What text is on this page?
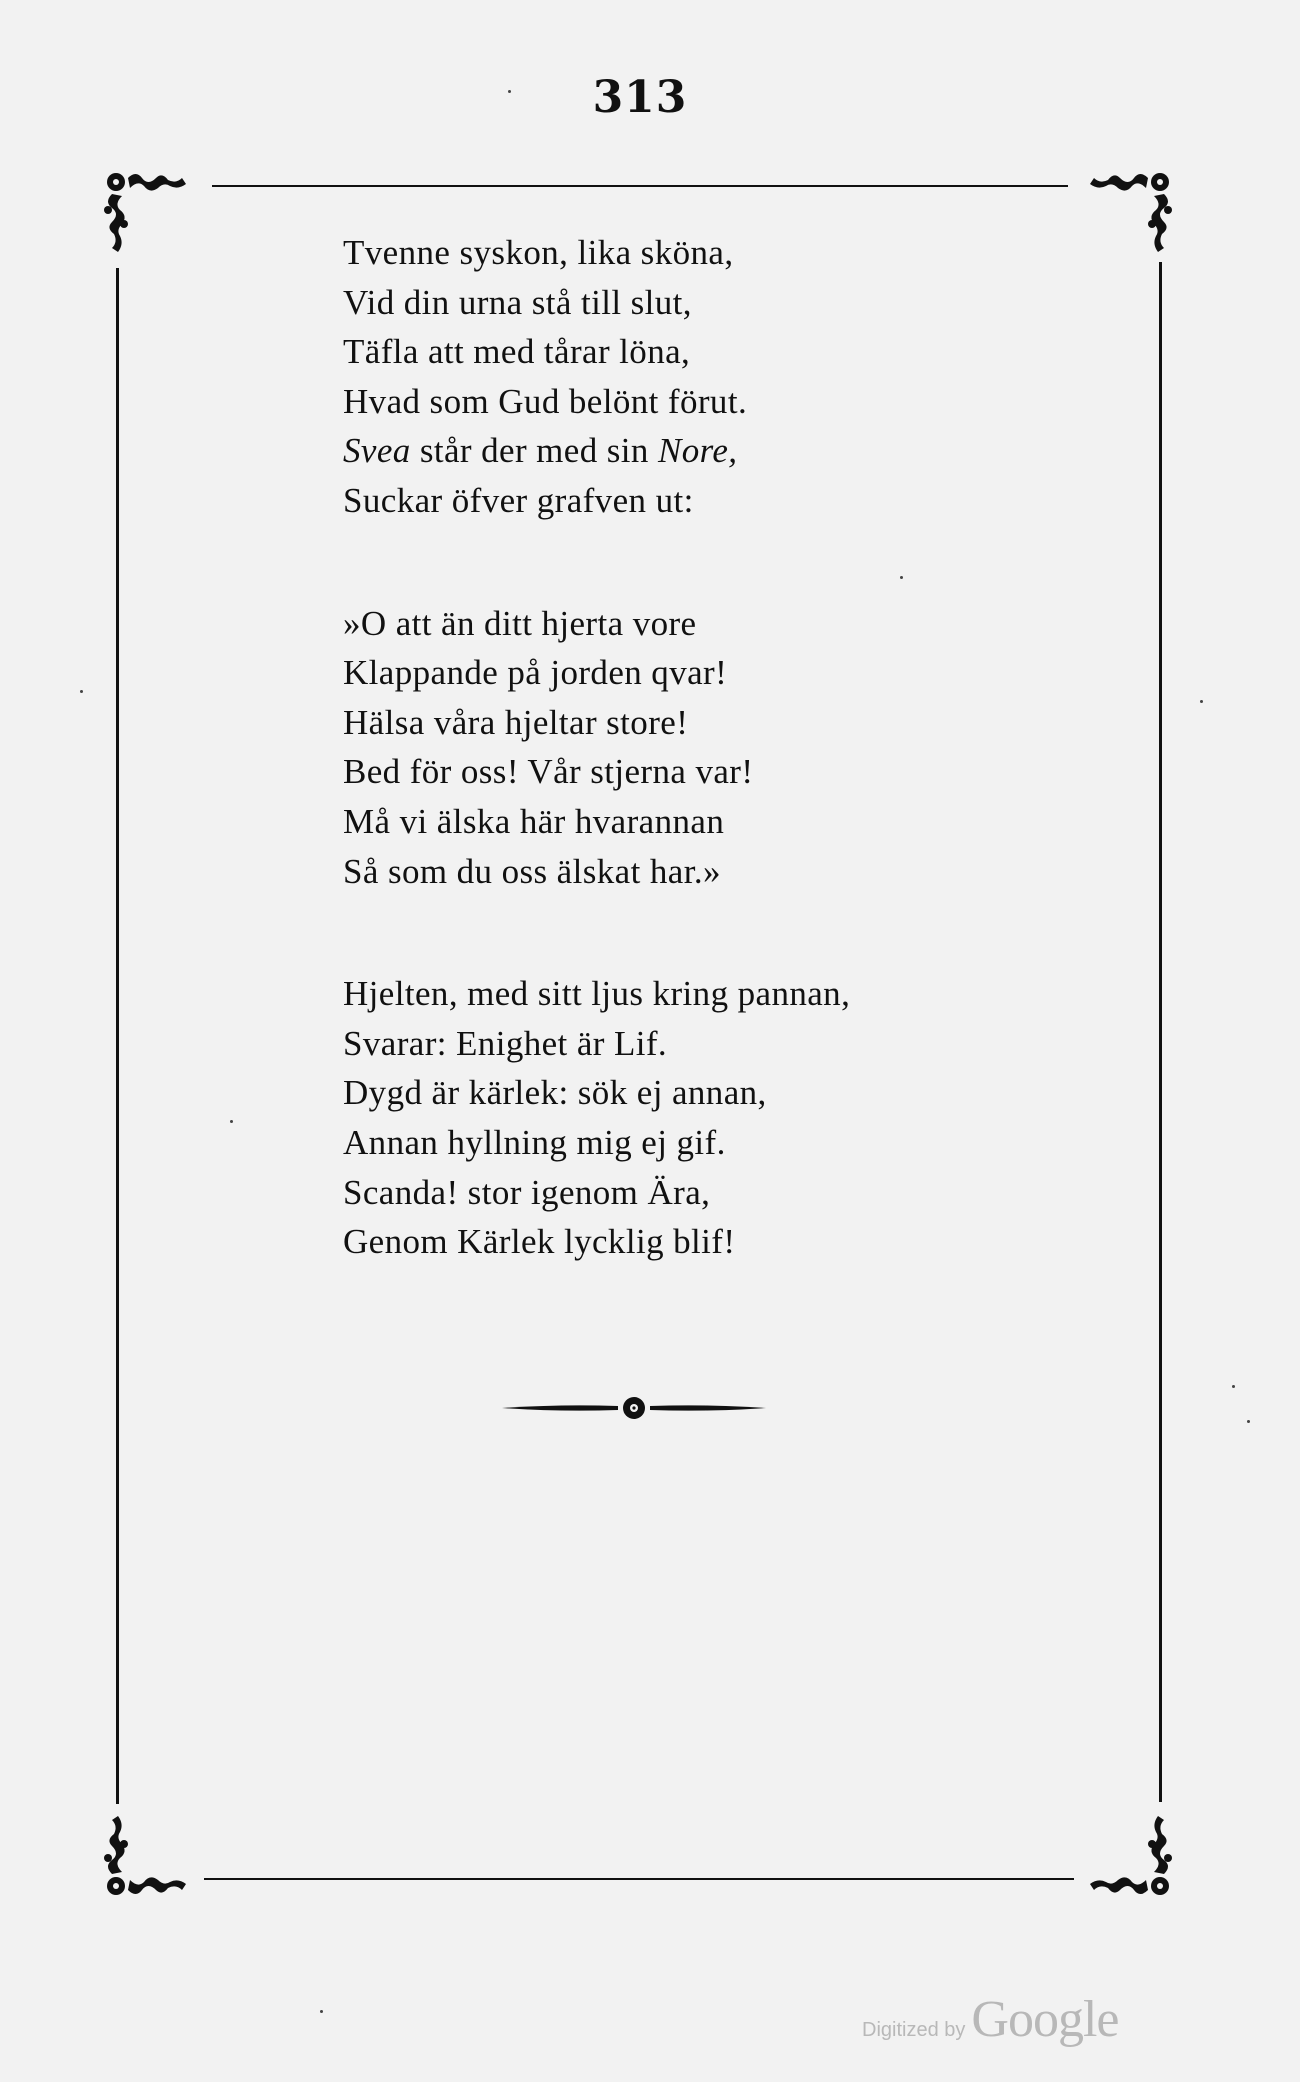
313
Tvenne syskon, lika sköna,
Vid din urna stå till slut,
Täfla att med tårar löna,
Hvad som Gud belönt förut.
Svea står der med sin Nore,
Suckar öfver grafven ut:
»O att än ditt hjerta vore
Klappande på jorden qvar!
Hälsa våra hjeltar store!
Bed för oss! Vår stjerna var!
Må vi älska här hvarannan
Så som du oss älskat har.»
Hjelten, med sitt ljus kring pannan,
Svarar: Enighet är Lif.
Dygd är kärlek: sök ej annan,
Annan hyllning mig ej gif.
Scanda! stor igenom Ära,
Genom Kärlek lycklig blif!
Digitized by Google
